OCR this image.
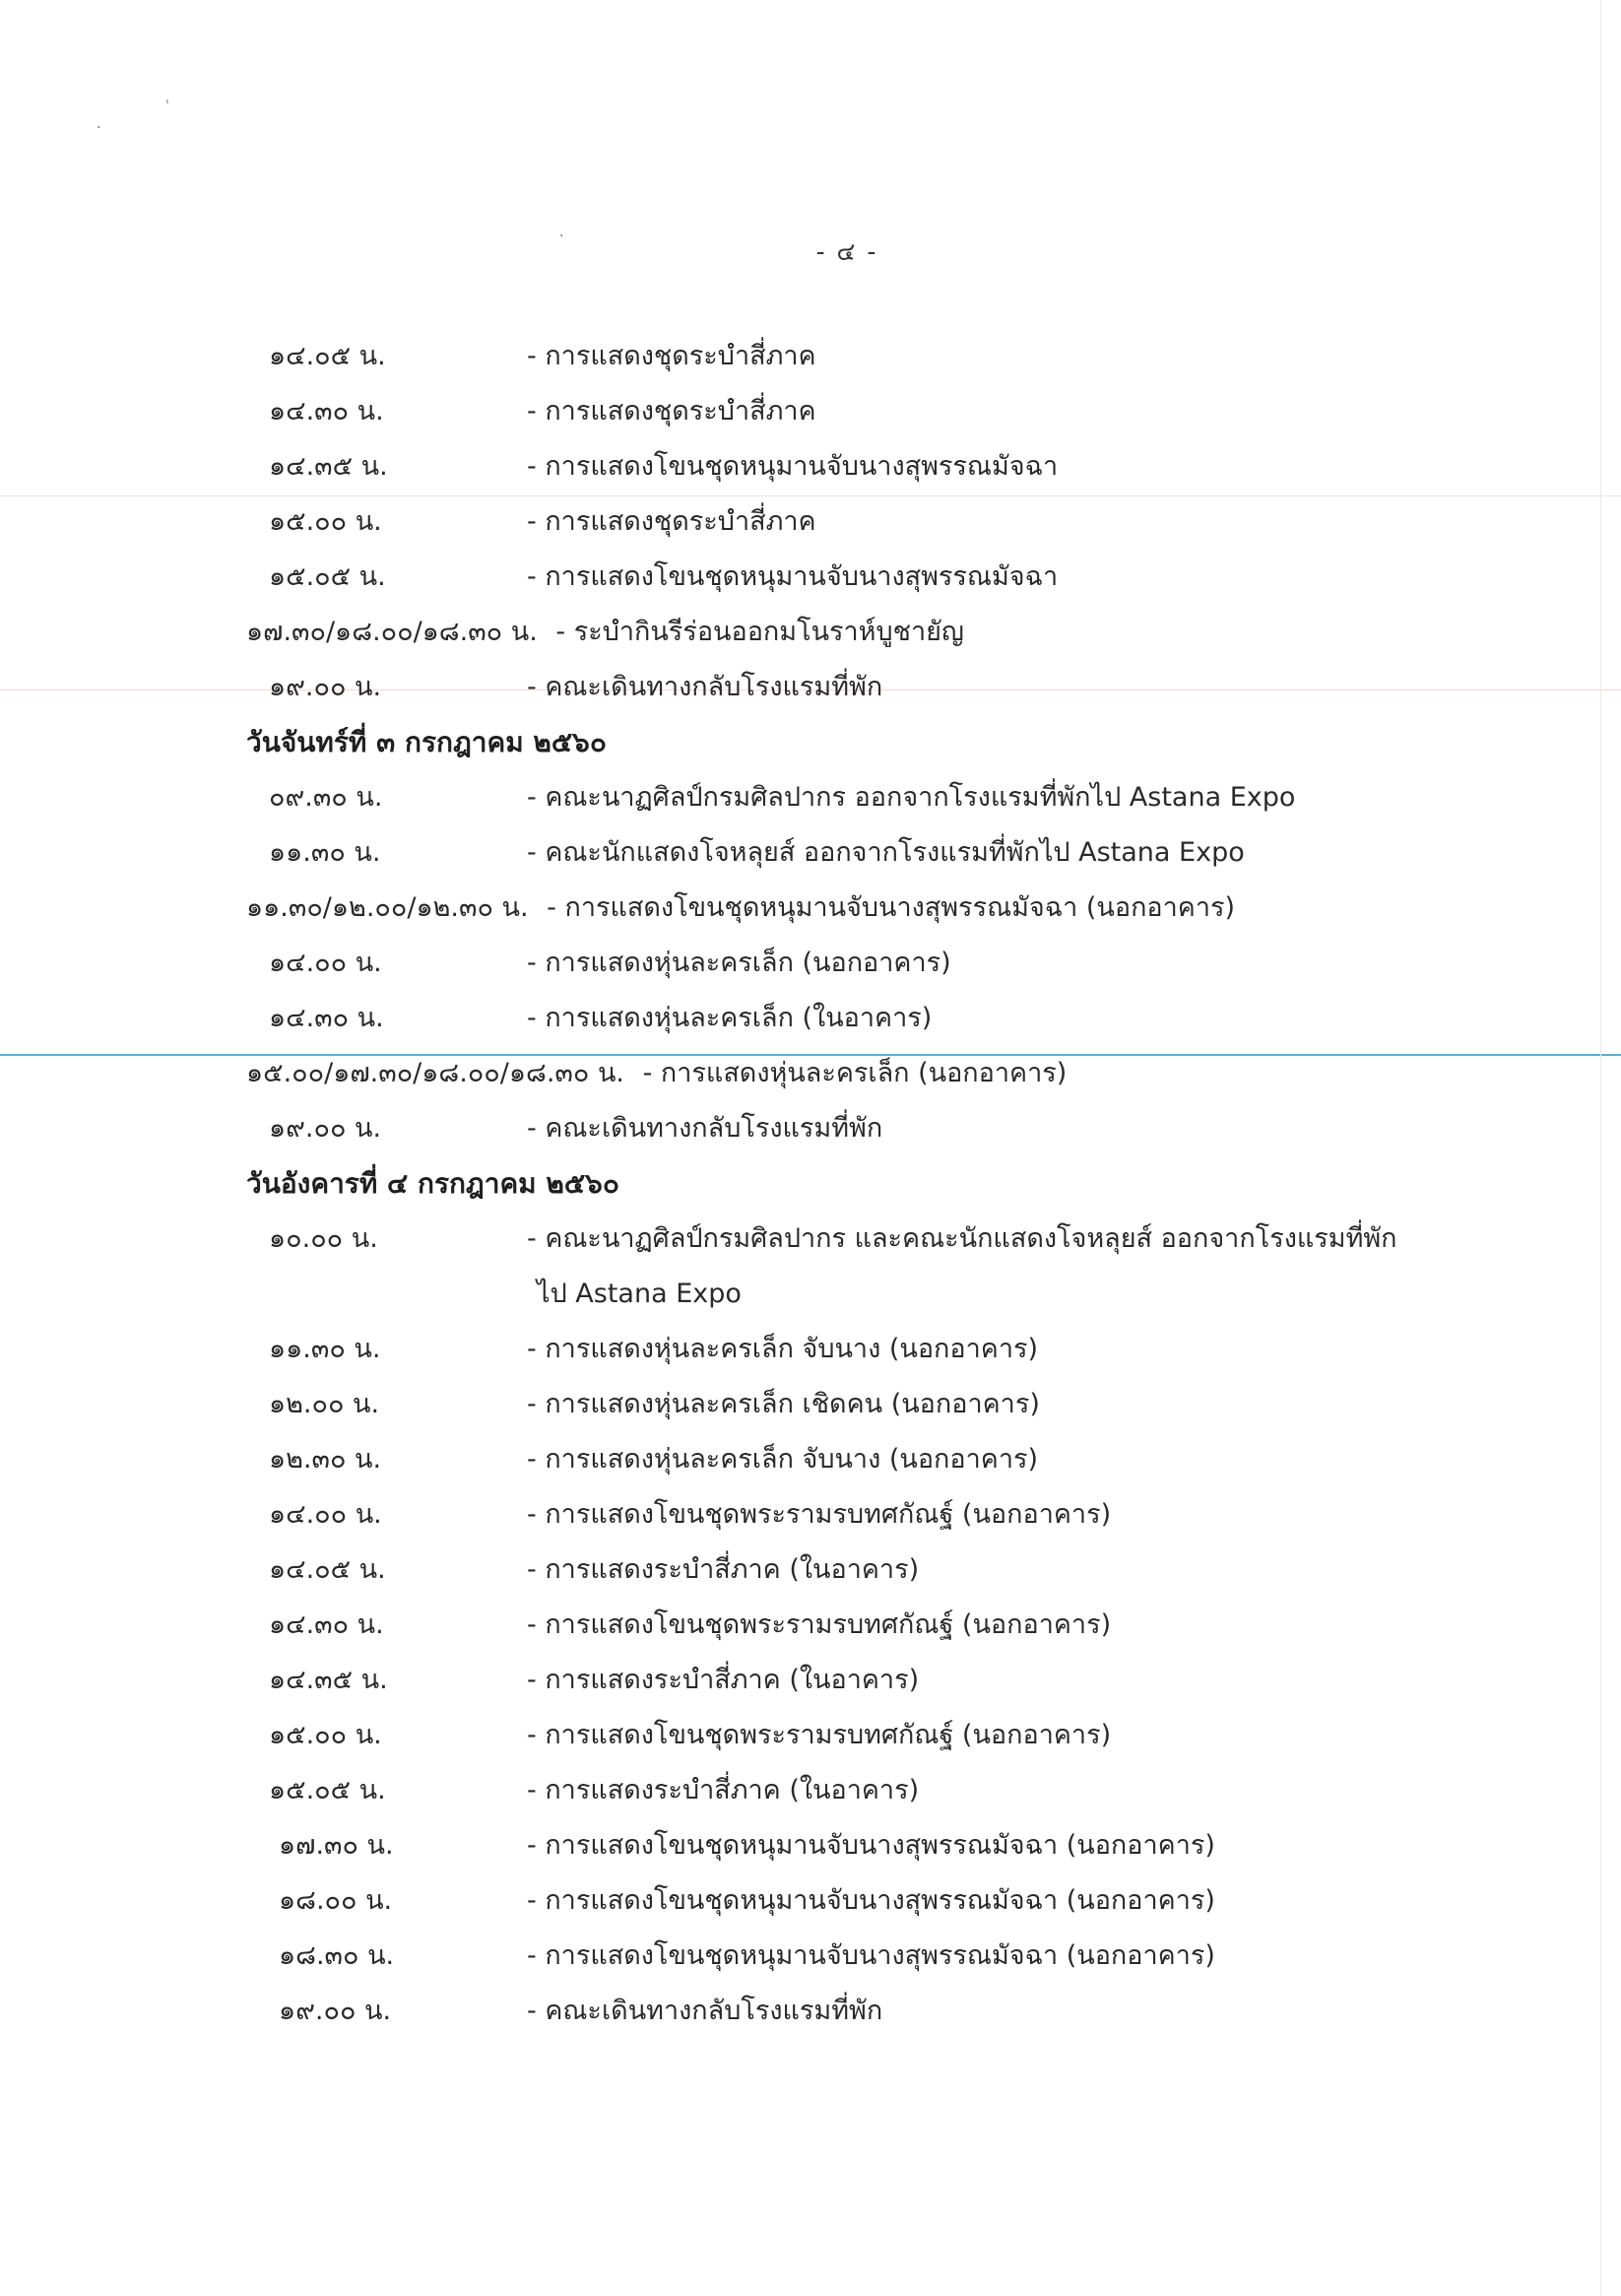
ˈ
·
·
- ๔ -
๑๔.๐๕ น.	- การแสดงชุดระบำสี่ภาค
๑๔.๓๐ น.	- การแสดงชุดระบำสี่ภาค
๑๔.๓๕ น.	- การแสดงโขนชุดหนุมานจับนางสุพรรณมัจฉา
๑๕.๐๐ น.	- การแสดงชุดระบำสี่ภาค
๑๕.๐๕ น.	- การแสดงโขนชุดหนุมานจับนางสุพรรณมัจฉา
๑๗.๓๐/๑๘.๐๐/๑๘.๓๐ น. - ระบำกินรีร่อนออกมโนราห์บูชายัญ
๑๙.๐๐ น.	- คณะเดินทางกลับโรงแรมที่พัก
วันจันทร์ที่ ๓ กรกฎาคม ๒๕๖๐
๐๙.๓๐ น.	- คณะนาฏศิลป์กรมศิลปากร ออกจากโรงแรมที่พักไป Astana Expo
๑๑.๓๐ น.	- คณะนักแสดงโจหลุยส์ ออกจากโรงแรมที่พักไป Astana Expo
๑๑.๓๐/๑๒.๐๐/๑๒.๓๐ น. - การแสดงโขนชุดหนุมานจับนางสุพรรณมัจฉา (นอกอาคาร)
๑๔.๐๐ น.	- การแสดงหุ่นละครเล็ก (นอกอาคาร)
๑๔.๓๐ น.	- การแสดงหุ่นละครเล็ก (ในอาคาร)
๑๕.๐๐/๑๗.๓๐/๑๘.๐๐/๑๘.๓๐ น. - การแสดงหุ่นละครเล็ก (นอกอาคาร)
๑๙.๐๐ น.	- คณะเดินทางกลับโรงแรมที่พัก
วันอังคารที่ ๔ กรกฎาคม ๒๕๖๐
๑๐.๐๐ น.	- คณะนาฏศิลป์กรมศิลปากร และคณะนักแสดงโจหลุยส์ ออกจากโรงแรมที่พัก
ไป Astana Expo
๑๑.๓๐ น.	- การแสดงหุ่นละครเล็ก จับนาง (นอกอาคาร)
๑๒.๐๐ น.	- การแสดงหุ่นละครเล็ก เชิดคน (นอกอาคาร)
๑๒.๓๐ น.	- การแสดงหุ่นละครเล็ก จับนาง (นอกอาคาร)
๑๔.๐๐ น.	- การแสดงโขนชุดพระรามรบทศกัณฐ์ (นอกอาคาร)
๑๔.๐๕ น.	- การแสดงระบำสี่ภาค (ในอาคาร)
๑๔.๓๐ น.	- การแสดงโขนชุดพระรามรบทศกัณฐ์ (นอกอาคาร)
๑๔.๓๕ น.	- การแสดงระบำสี่ภาค (ในอาคาร)
๑๕.๐๐ น.	- การแสดงโขนชุดพระรามรบทศกัณฐ์ (นอกอาคาร)
๑๕.๐๕ น.	- การแสดงระบำสี่ภาค (ในอาคาร)
๑๗.๓๐ น.	- การแสดงโขนชุดหนุมานจับนางสุพรรณมัจฉา (นอกอาคาร)
๑๘.๐๐ น.	- การแสดงโขนชุดหนุมานจับนางสุพรรณมัจฉา (นอกอาคาร)
๑๘.๓๐ น.	- การแสดงโขนชุดหนุมานจับนางสุพรรณมัจฉา (นอกอาคาร)
๑๙.๐๐ น.	- คณะเดินทางกลับโรงแรมที่พัก
